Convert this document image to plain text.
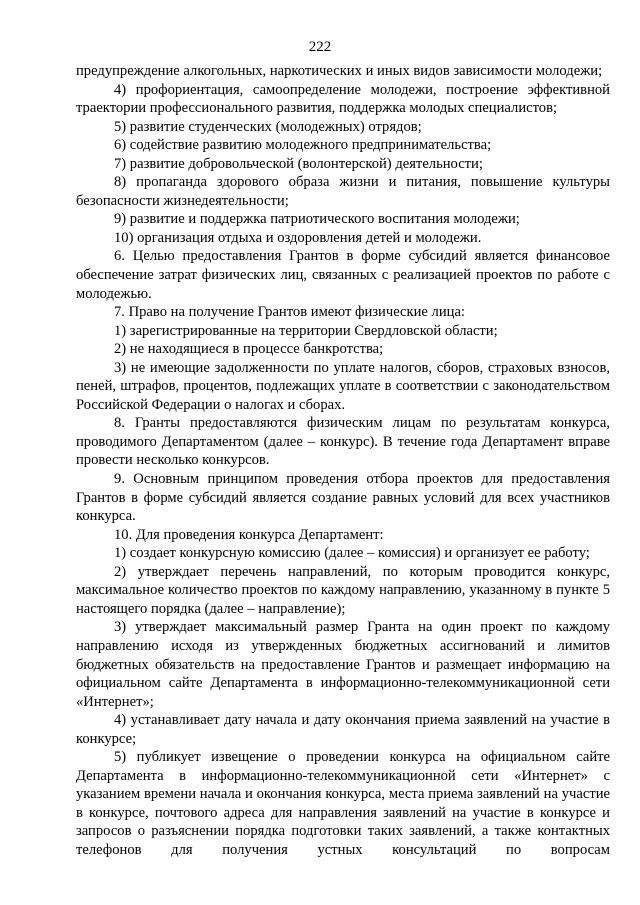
222

предупреждение алкогольных, наркотических и иных видов зависимости молодежи;

4) профориентация, самоопределение молодежи, построение эффективной траектории профессионального развития, поддержка молодых специалистов;

5) развитие студенческих (молодежных) отрядов;

6) содействие развитию молодежного предпринимательства;

7) развитие добровольческой (волонтерской) деятельности;

8) пропаганда здорового образа жизни и питания, повышение культуры безопасности жизнедеятельности;

9) развитие и поддержка патриотического воспитания молодежи;

10) организация отдыха и оздоровления детей и молодежи.

6. Целью предоставления Грантов в форме субсидий является финансовое обеспечение затрат физических лиц, связанных с реализацией проектов по работе с молодежью.

7. Право на получение Грантов имеют физические лица:

1) зарегистрированные на территории Свердловской области;

2) не находящиеся в процессе банкротства;

3) не имеющие задолженности по уплате налогов, сборов, страховых взносов, пеней, штрафов, процентов, подлежащих уплате в соответствии с законодательством Российской Федерации о налогах и сборах.

8. Гранты предоставляются физическим лицам по результатам конкурса, проводимого Департаментом (далее – конкурс). В течение года Департамент вправе провести несколько конкурсов.

9. Основным принципом проведения отбора проектов для предоставления Грантов в форме субсидий является создание равных условий для всех участников конкурса.

10. Для проведения конкурса Департамент:

1) создает конкурсную комиссию (далее – комиссия) и организует ее работу;

2) утверждает перечень направлений, по которым проводится конкурс, максимальное количество проектов по каждому направлению, указанному в пункте 5 настоящего порядка (далее – направление);

3) утверждает максимальный размер Гранта на один проект по каждому направлению исходя из утвержденных бюджетных ассигнований и лимитов бюджетных обязательств на предоставление Грантов и размещает информацию на официальном сайте Департамента в информационно-телекоммуникационной сети «Интернет»;

4) устанавливает дату начала и дату окончания приема заявлений на участие в конкурсе;

5) публикует извещение о проведении конкурса на официальном сайте Департамента в информационно-телекоммуникационной сети «Интернет» с указанием времени начала и окончания конкурса, места приема заявлений на участие в конкурсе, почтового адреса для направления заявлений на участие в конкурсе и запросов о разъяснении порядка подготовки таких заявлений, а также контактных телефонов для получения устных консультаций по вопросам
